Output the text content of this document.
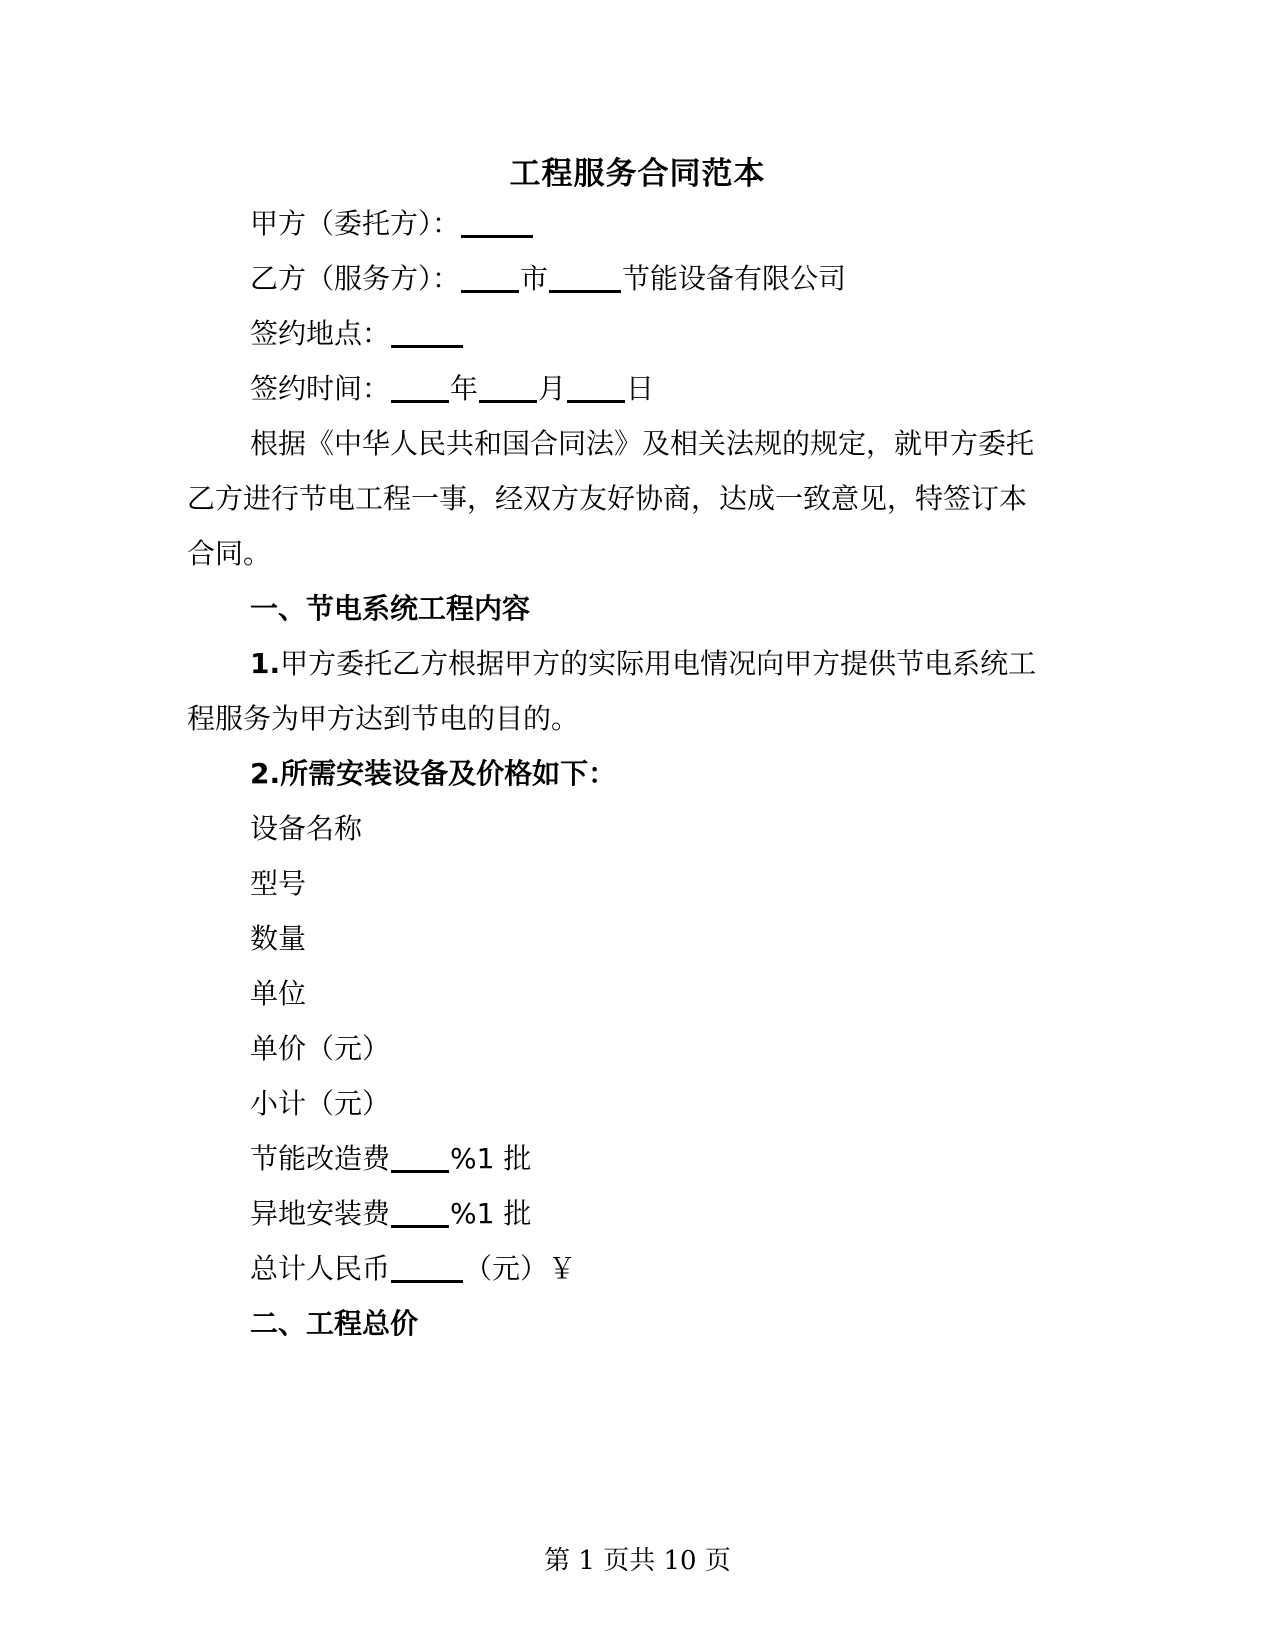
工程服务合同范本
甲方（委托方）：
乙方（服务方）： 市	节能设备有限公司
签约地点：
签约时间： 年 月 日
根据《中华人民共和国合同法》及相关法规的规定，就甲方委托
乙方进行节电工程一事，经双方友好协商，达成一致意见，特签订本
合同。
一、节电系统工程内容
1.甲方委托乙方根据甲方的实际用电情况向甲方提供节电系统工
程服务为甲方达到节电的目的。
2.所需安装设备及价格如下：
设备名称
型号
数量
单位
单价（元）
小计（元）
节能改造费 %1 批
异地安装费 %1 批
总计人民币	（元）￥
二、工程总价
第 1 页共 10 页
